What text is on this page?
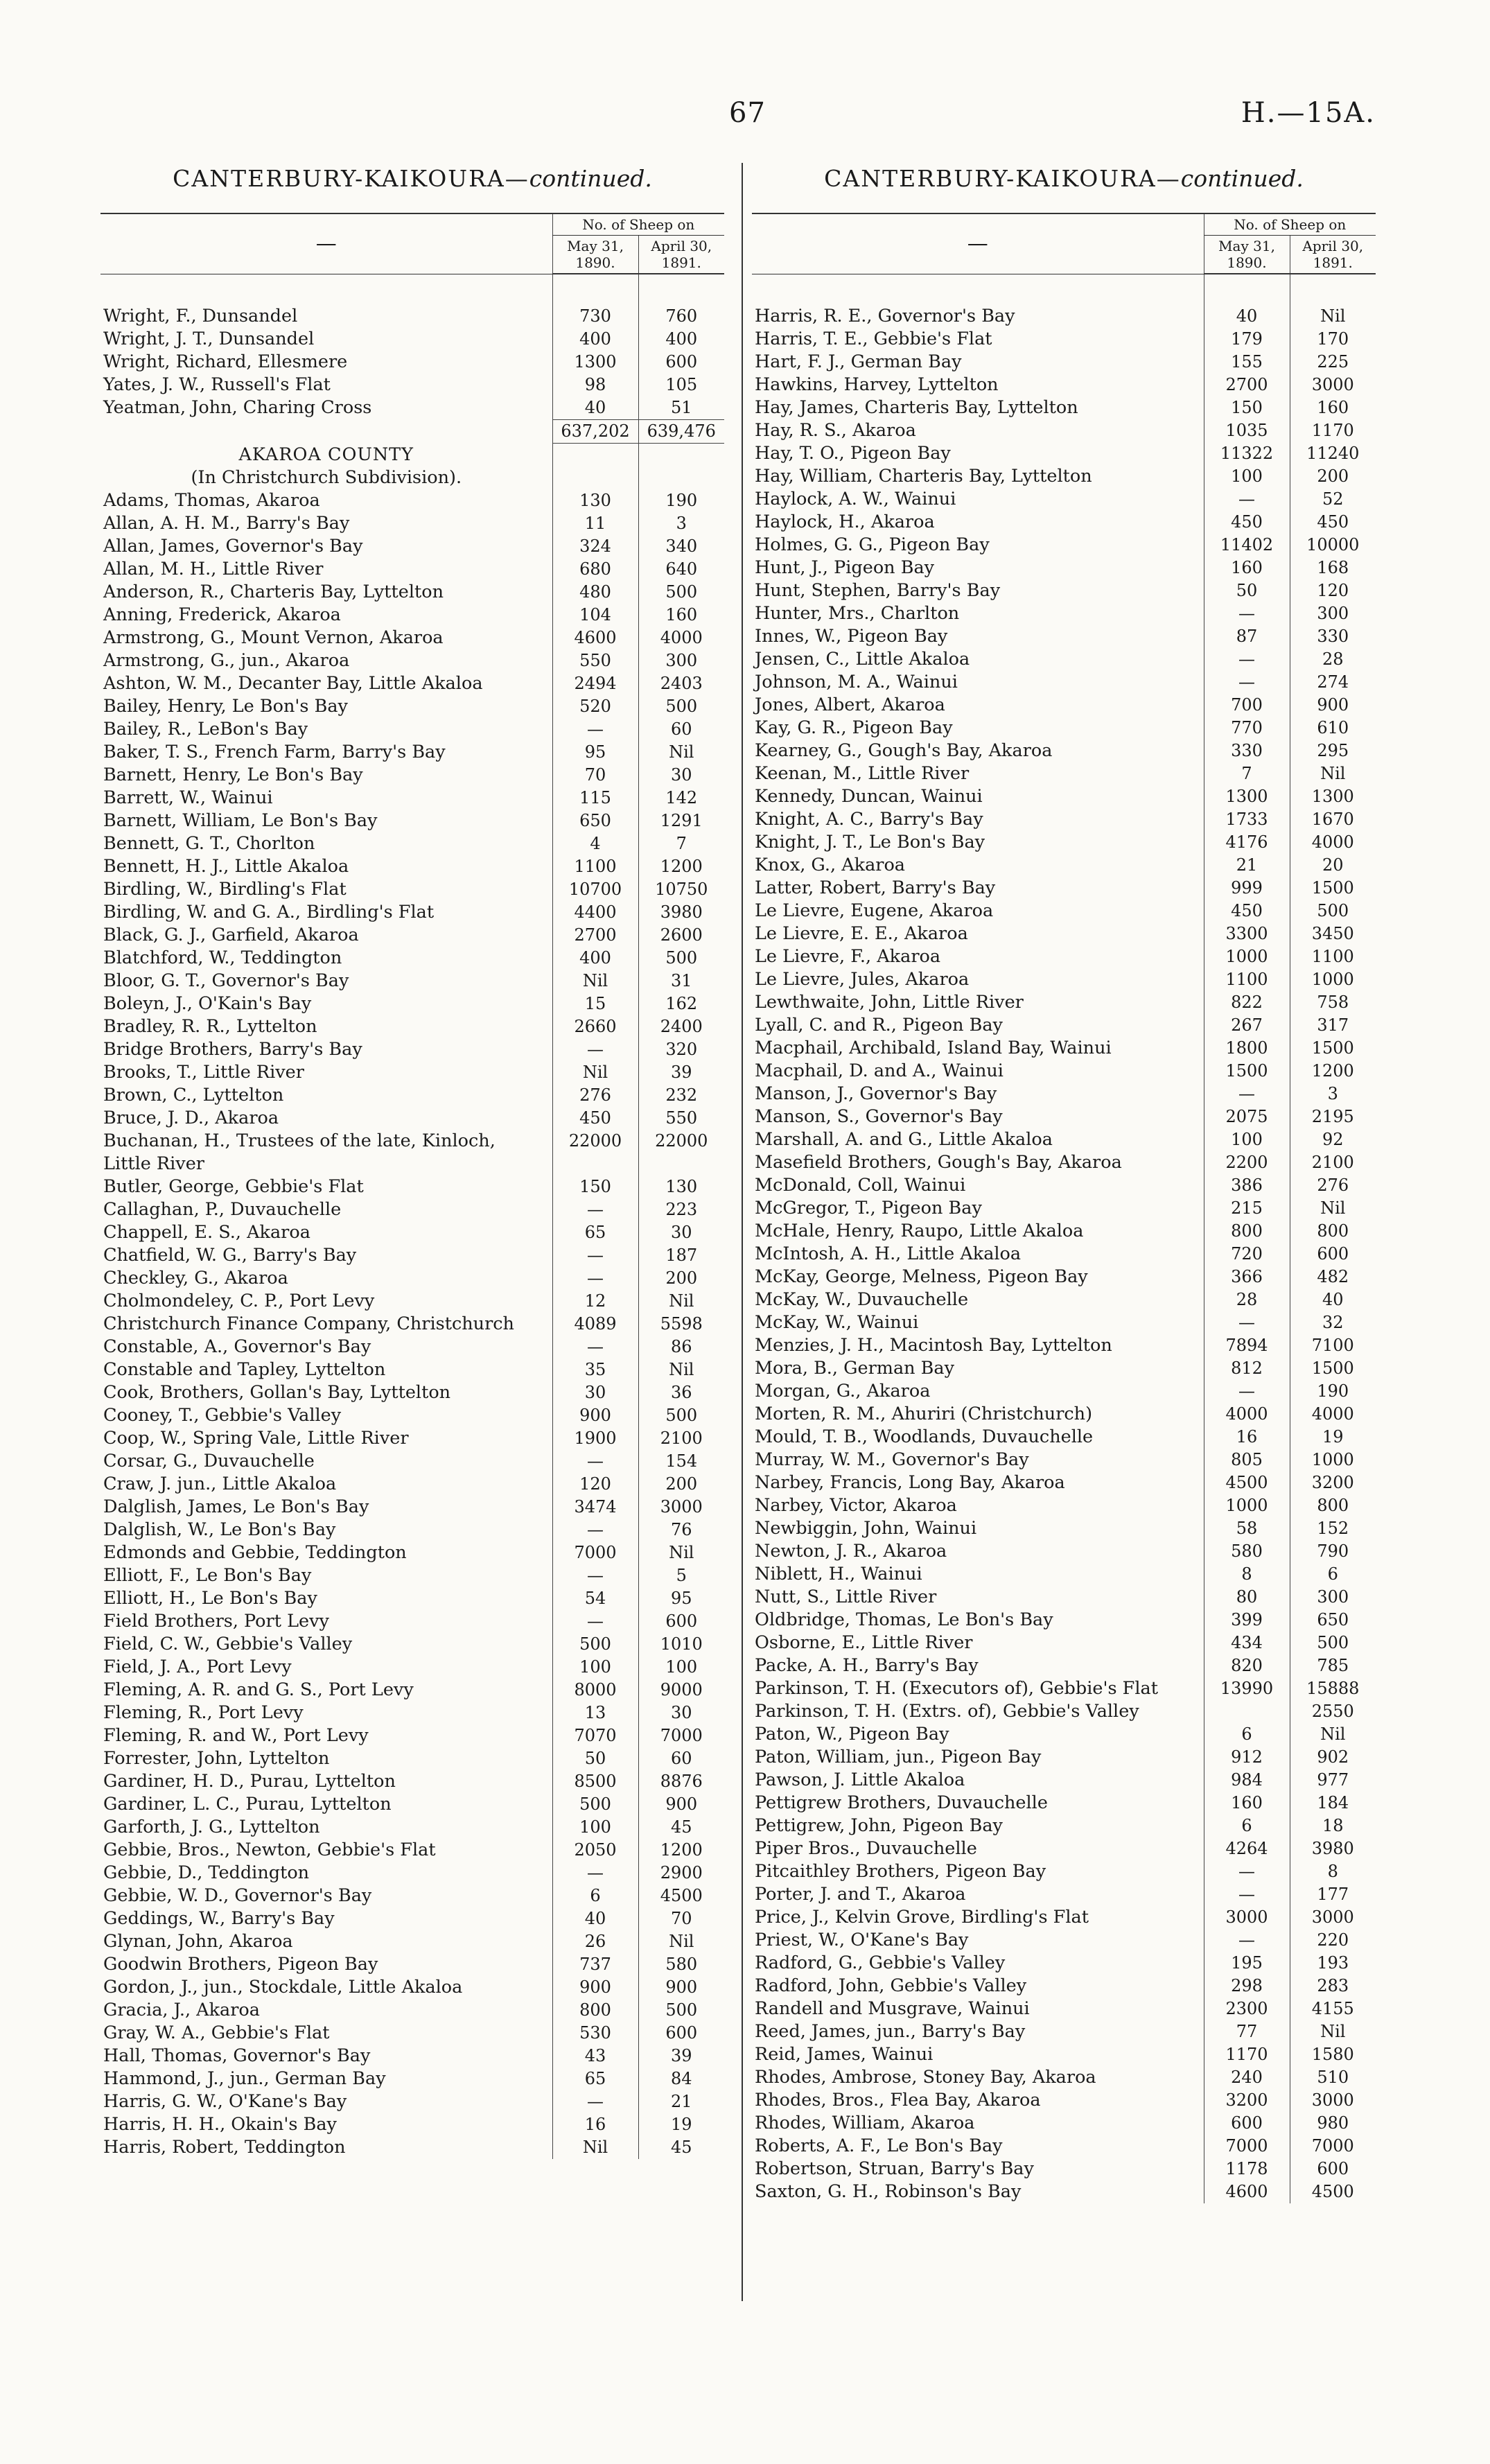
67	H.—15A.
CANTERBURY-KAIKOURA—continued.
—	No. of Sheep on	
	May 31, 1890.	April 30, 1891.

Wright, F., Dunsandel	730	760
Wright, J. T., Dunsandel	400	400
Wright, Richard, Ellesmere	1300	600
Yates, J. W., Russell's Flat	98	105
Yeatman, John, Charing Cross	40	51
	637,202	639,476
AKAROA COUNTY		
(In Christchurch Subdivision).		
Adams, Thomas, Akaroa	130	190
Allan, A. H. M., Barry's Bay	11	3
Allan, James, Governor's Bay	324	340
Allan, M. H., Little River	680	640
Anderson, R., Charteris Bay, Lyttelton	480	500
Anning, Frederick, Akaroa	104	160
Armstrong, G., Mount Vernon, Akaroa	4600	4000
Armstrong, G., jun., Akaroa	550	300
Ashton, W. M., Decanter Bay, Little Akaloa	2494	2403
Bailey, Henry, Le Bon's Bay	520	500
Bailey, R., LeBon's Bay	—	60
Baker, T. S., French Farm, Barry's Bay	95	Nil
Barnett, Henry, Le Bon's Bay	70	30
Barrett, W., Wainui	115	142
Barnett, William, Le Bon's Bay	650	1291
Bennett, G. T., Chorlton	4	7
Bennett, H. J., Little Akaloa	1100	1200
Birdling, W., Birdling's Flat	10700	10750
Birdling, W. and G. A., Birdling's Flat	4400	3980
Black, G. J., Garfield, Akaroa	2700	2600
Blatchford, W., Teddington	400	500
Bloor, G. T., Governor's Bay	Nil	31
Boleyn, J., O'Kain's Bay	15	162
Bradley, R. R., Lyttelton	2660	2400
Bridge Brothers, Barry's Bay	—	320
Brooks, T., Little River	Nil	39
Brown, C., Lyttelton	276	232
Bruce, J. D., Akaroa	450	550
Buchanan, H., Trustees of the late, Kinloch,	22000	22000
Little River		
Butler, George, Gebbie's Flat	150	130
Callaghan, P., Duvauchelle	—	223
Chappell, E. S., Akaroa	65	30
Chatfield, W. G., Barry's Bay	—	187
Checkley, G., Akaroa	—	200
Cholmondeley, C. P., Port Levy	12	Nil
Christchurch Finance Company, Christchurch	4089	5598
Constable, A., Governor's Bay	—	86
Constable and Tapley, Lyttelton	35	Nil
Cook, Brothers, Gollan's Bay, Lyttelton	30	36
Cooney, T., Gebbie's Valley	900	500
Coop, W., Spring Vale, Little River	1900	2100
Corsar, G., Duvauchelle	—	154
Craw, J. jun., Little Akaloa	120	200
Dalglish, James, Le Bon's Bay	3474	3000
Dalglish, W., Le Bon's Bay	—	76
Edmonds and Gebbie, Teddington	7000	Nil
Elliott, F., Le Bon's Bay	—	5
Elliott, H., Le Bon's Bay	54	95
Field Brothers, Port Levy	—	600
Field, C. W., Gebbie's Valley	500	1010
Field, J. A., Port Levy	100	100
Fleming, A. R. and G. S., Port Levy	8000	9000
Fleming, R., Port Levy	13	30
Fleming, R. and W., Port Levy	7070	7000
Forrester, John, Lyttelton	50	60
Gardiner, H. D., Purau, Lyttelton	8500	8876
Gardiner, L. C., Purau, Lyttelton	500	900
Garforth, J. G., Lyttelton	100	45
Gebbie, Bros., Newton, Gebbie's Flat	2050	1200
Gebbie, D., Teddington	—	2900
Gebbie, W. D., Governor's Bay	6	4500
Geddings, W., Barry's Bay	40	70
Glynan, John, Akaroa	26	Nil
Goodwin Brothers, Pigeon Bay	737	580
Gordon, J., jun., Stockdale, Little Akaloa	900	900
Gracia, J., Akaroa	800	500
Gray, W. A., Gebbie's Flat	530	600
Hall, Thomas, Governor's Bay	43	39
Hammond, J., jun., German Bay	65	84
Harris, G. W., O'Kane's Bay	—	21
Harris, H. H., Okain's Bay	16	19
Harris, Robert, Teddington	Nil	45
CANTERBURY-KAIKOURA—continued.
—	No. of Sheep on	
	May 31, 1890.	April 30, 1891.

Harris, R. E., Governor's Bay	40	Nil
Harris, T. E., Gebbie's Flat	179	170
Hart, F. J., German Bay	155	225
Hawkins, Harvey, Lyttelton	2700	3000
Hay, James, Charteris Bay, Lyttelton	150	160
Hay, R. S., Akaroa	1035	1170
Hay, T. O., Pigeon Bay	11322	11240
Hay, William, Charteris Bay, Lyttelton	100	200
Haylock, A. W., Wainui	—	52
Haylock, H., Akaroa	450	450
Holmes, G. G., Pigeon Bay	11402	10000
Hunt, J., Pigeon Bay	160	168
Hunt, Stephen, Barry's Bay	50	120
Hunter, Mrs., Charlton	—	300
Innes, W., Pigeon Bay	87	330
Jensen, C., Little Akaloa	—	28
Johnson, M. A., Wainui	—	274
Jones, Albert, Akaroa	700	900
Kay, G. R., Pigeon Bay	770	610
Kearney, G., Gough's Bay, Akaroa	330	295
Keenan, M., Little River	7	Nil
Kennedy, Duncan, Wainui	1300	1300
Knight, A. C., Barry's Bay	1733	1670
Knight, J. T., Le Bon's Bay	4176	4000
Knox, G., Akaroa	21	20
Latter, Robert, Barry's Bay	999	1500
Le Lievre, Eugene, Akaroa	450	500
Le Lievre, E. E., Akaroa	3300	3450
Le Lievre, F., Akaroa	1000	1100
Le Lievre, Jules, Akaroa	1100	1000
Lewthwaite, John, Little River	822	758
Lyall, C. and R., Pigeon Bay	267	317
Macphail, Archibald, Island Bay, Wainui	1800	1500
Macphail, D. and A., Wainui	1500	1200
Manson, J., Governor's Bay	—	3
Manson, S., Governor's Bay	2075	2195
Marshall, A. and G., Little Akaloa	100	92
Masefield Brothers, Gough's Bay, Akaroa	2200	2100
McDonald, Coll, Wainui	386	276
McGregor, T., Pigeon Bay	215	Nil
McHale, Henry, Raupo, Little Akaloa	800	800
McIntosh, A. H., Little Akaloa	720	600
McKay, George, Melness, Pigeon Bay	366	482
McKay, W., Duvauchelle	28	40
McKay, W., Wainui	—	32
Menzies, J. H., Macintosh Bay, Lyttelton	7894	7100
Mora, B., German Bay	812	1500
Morgan, G., Akaroa	—	190
Morten, R. M., Ahuriri (Christchurch)	4000	4000
Mould, T. B., Woodlands, Duvauchelle	16	19
Murray, W. M., Governor's Bay	805	1000
Narbey, Francis, Long Bay, Akaroa	4500	3200
Narbey, Victor, Akaroa	1000	800
Newbiggin, John, Wainui	58	152
Newton, J. R., Akaroa	580	790
Niblett, H., Wainui	8	6
Nutt, S., Little River	80	300
Oldbridge, Thomas, Le Bon's Bay	399	650
Osborne, E., Little River	434	500
Packe, A. H., Barry's Bay	820	785
Parkinson, T. H. (Executors of), Gebbie's Flat	13990	15888
Parkinson, T. H. (Extrs. of), Gebbie's Valley		2550
Paton, W., Pigeon Bay	6	Nil
Paton, William, jun., Pigeon Bay	912	902
Pawson, J. Little Akaloa	984	977
Pettigrew Brothers, Duvauchelle	160	184
Pettigrew, John, Pigeon Bay	6	18
Piper Bros., Duvauchelle	4264	3980
Pitcaithley Brothers, Pigeon Bay	—	8
Porter, J. and T., Akaroa	—	177
Price, J., Kelvin Grove, Birdling's Flat	3000	3000
Priest, W., O'Kane's Bay	—	220
Radford, G., Gebbie's Valley	195	193
Radford, John, Gebbie's Valley	298	283
Randell and Musgrave, Wainui	2300	4155
Reed, James, jun., Barry's Bay	77	Nil
Reid, James, Wainui	1170	1580
Rhodes, Ambrose, Stoney Bay, Akaroa	240	510
Rhodes, Bros., Flea Bay, Akaroa	3200	3000
Rhodes, William, Akaroa	600	980
Roberts, A. F., Le Bon's Bay	7000	7000
Robertson, Struan, Barry's Bay	1178	600
Saxton, G. H., Robinson's Bay	4600	4500
